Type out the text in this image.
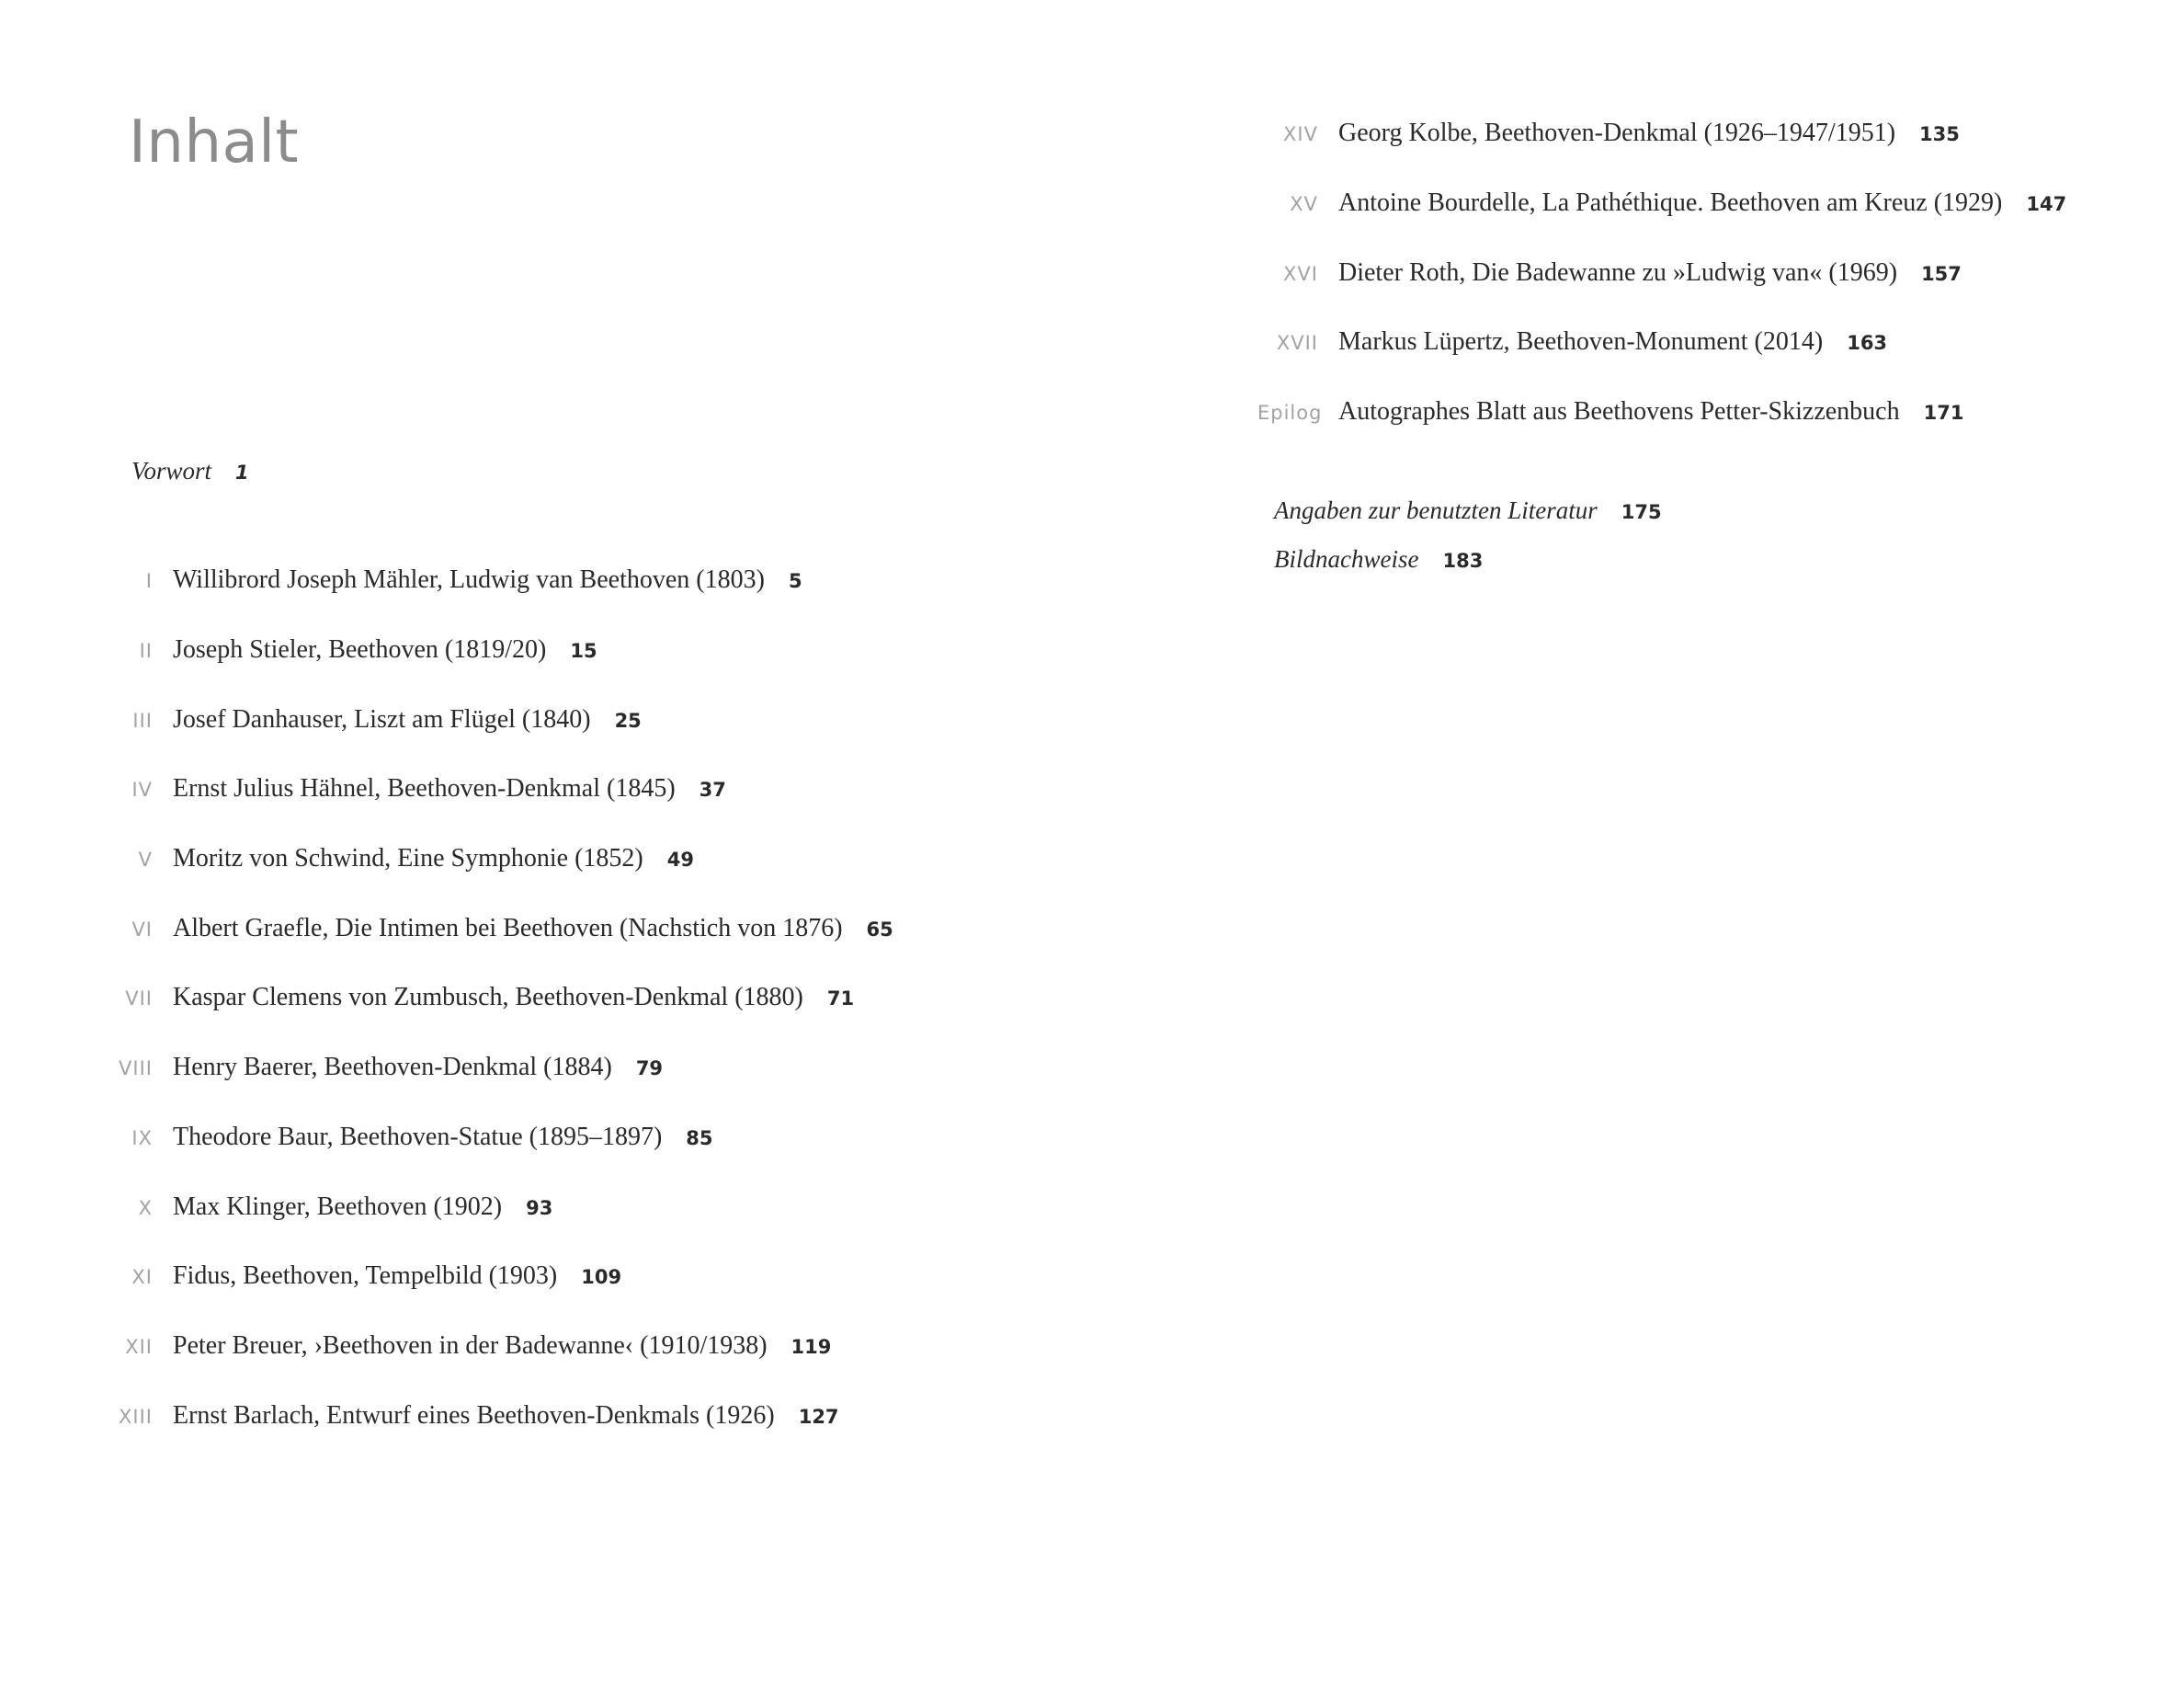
Inhalt
Vorwort 1
I Willibrord Joseph Mähler, Ludwig van Beethoven (1803) 5
II Joseph Stieler, Beethoven (1819/20) 15
III Josef Danhauser, Liszt am Flügel (1840) 25
IV Ernst Julius Hähnel, Beethoven-Denkmal (1845) 37
V Moritz von Schwind, Eine Symphonie (1852) 49
VI Albert Graefle, Die Intimen bei Beethoven (Nachstich von 1876) 65
VII Kaspar Clemens von Zumbusch, Beethoven-Denkmal (1880) 71
VIII Henry Baerer, Beethoven-Denkmal (1884) 79
IX Theodore Baur, Beethoven-Statue (1895–1897) 85
X Max Klinger, Beethoven (1902) 93
XI Fidus, Beethoven, Tempelbild (1903) 109
XII Peter Breuer, ›Beethoven in der Badewanne‹ (1910/1938) 119
XIII Ernst Barlach, Entwurf eines Beethoven-Denkmals (1926) 127
XIV Georg Kolbe, Beethoven-Denkmal (1926–1947/1951) 135
XV Antoine Bourdelle, La Pathéthique. Beethoven am Kreuz (1929) 147
XVI Dieter Roth, Die Badewanne zu »Ludwig van« (1969) 157
XVII Markus Lüpertz, Beethoven-Monument (2014) 163
Epilog Autographes Blatt aus Beethovens Petter-Skizzenbuch 171
Angaben zur benutzten Literatur 175
Bildnachweise 183
